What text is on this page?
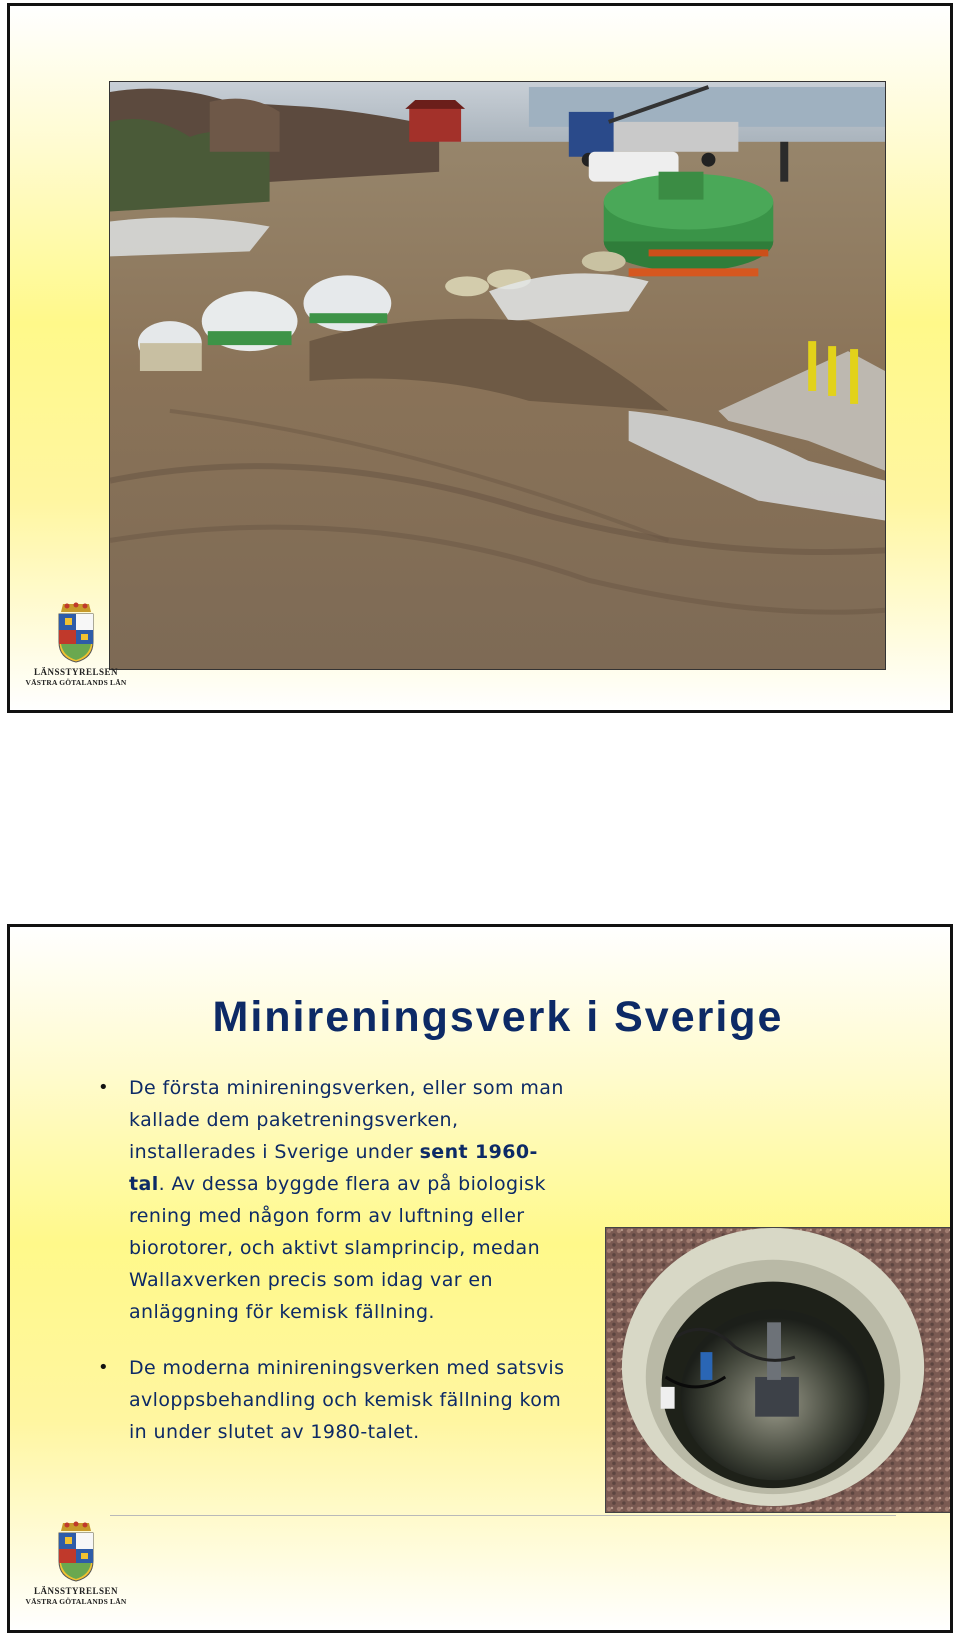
LÄNSSTYRELSEN
VÄSTRA GÖTALANDS LÄN
Minireningsverk i Sverige
• De första minireningsverken, eller som man kallade dem paketreningsverken, installerades i Sverige under sent 1960-tal. Av dessa byggde flera av på biologisk rening med någon form av luftning eller biorotorer, och aktivt slamprincip, medan Wallaxverken precis som idag var en anläggning för kemisk fällning.
• De moderna minireningsverken med satsvis avloppsbehandling och kemisk fällning kom in under slutet av 1980-talet.
LÄNSSTYRELSEN
VÄSTRA GÖTALANDS LÄN
